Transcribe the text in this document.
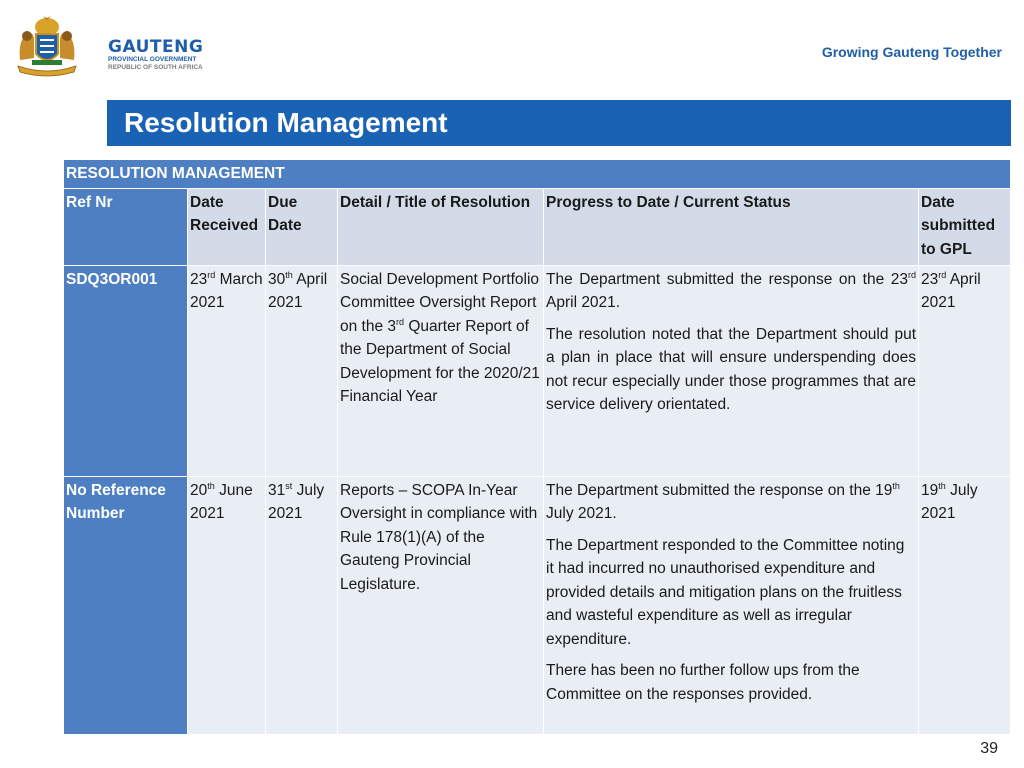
GAUTENG
PROVINCIAL GOVERNMENT
REPUBLIC OF SOUTH AFRICA
Growing Gauteng Together
Resolution Management
RESOLUTION MANAGEMENT					
Ref Nr	Date Received	Due Date	Detail / Title of Resolution	Progress to Date / Current Status	Date submitted to GPL
SDQ3OR001	23rd March 2021	30th April 2021	Social Development Portfolio Committee Oversight Report on the 3rd Quarter Report of the Department of Social Development for the 2020/21 Financial Year	The Department submitted the response on the 23rd April 2021.

The resolution noted that the Department should put a plan in place that will ensure underspending does not recur especially under those programmes that are service delivery orientated.	23rd April 2021
No Reference Number	20th June 2021	31st July 2021	Reports – SCOPA In-Year Oversight in compliance with Rule 178(1)(A) of the Gauteng Provincial Legislature.	The Department submitted the response on the 19th July 2021.

The Department responded to the Committee noting it had incurred no unauthorised expenditure and provided details and mitigation plans on the fruitless and wasteful expenditure as well as irregular expenditure.

There has been no further follow ups from the Committee on the responses provided.	19th July 2021
39
